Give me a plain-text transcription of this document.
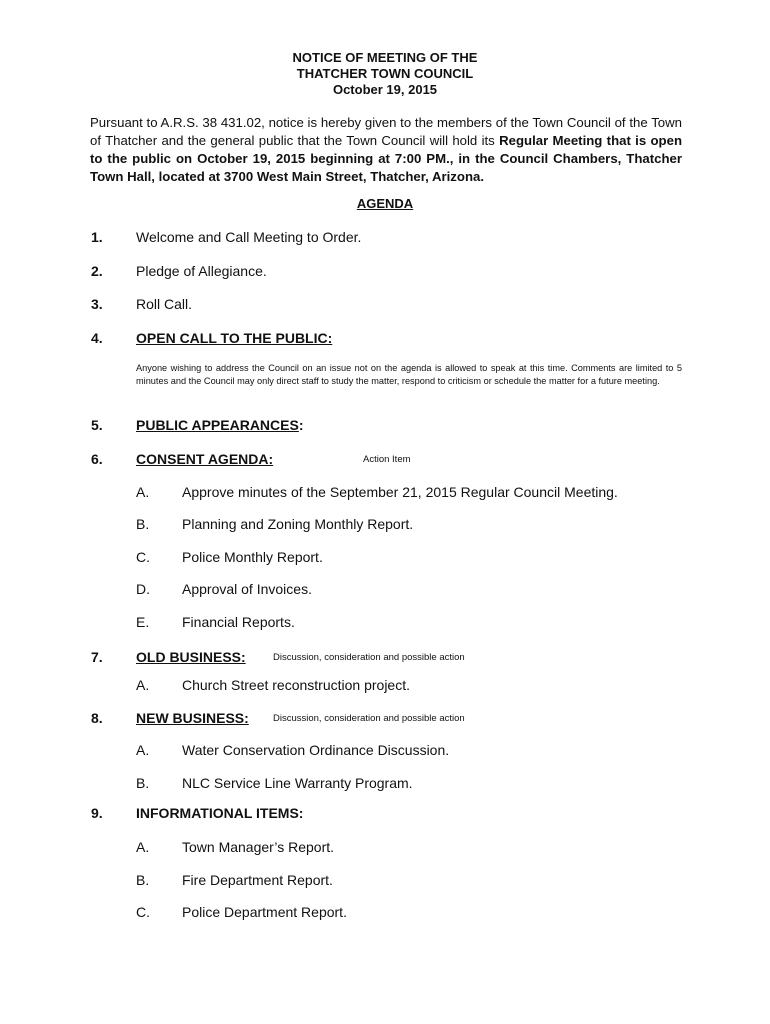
NOTICE OF MEETING OF THE
THATCHER TOWN COUNCIL
October 19, 2015
Pursuant to A.R.S. 38 431.02, notice is hereby given to the members of the Town Council of the Town of Thatcher and the general public that the Town Council will hold its Regular Meeting that is open to the public on October 19, 2015 beginning at 7:00 PM., in the Council Chambers, Thatcher Town Hall, located at 3700 West Main Street, Thatcher, Arizona.
AGENDA
1. Welcome and Call Meeting to Order.
2. Pledge of Allegiance.
3. Roll Call.
4. OPEN CALL TO THE PUBLIC:
Anyone wishing to address the Council on an issue not on the agenda is allowed to speak at this time. Comments are limited to 5 minutes and the Council may only direct staff to study the matter, respond to criticism or schedule the matter for a future meeting.
5. PUBLIC APPEARANCES:
6. CONSENT AGENDA:	Action Item
A. Approve minutes of the September 21, 2015 Regular Council Meeting.
B. Planning and Zoning Monthly Report.
C. Police Monthly Report.
D. Approval of Invoices.
E. Financial Reports.
7. OLD BUSINESS:	Discussion, consideration and possible action
A. Church Street reconstruction project.
8. NEW BUSINESS:	Discussion, consideration and possible action
A. Water Conservation Ordinance Discussion.
B. NLC Service Line Warranty Program.
9. INFORMATIONAL ITEMS:
A. Town Manager’s Report.
B. Fire Department Report.
C. Police Department Report.
